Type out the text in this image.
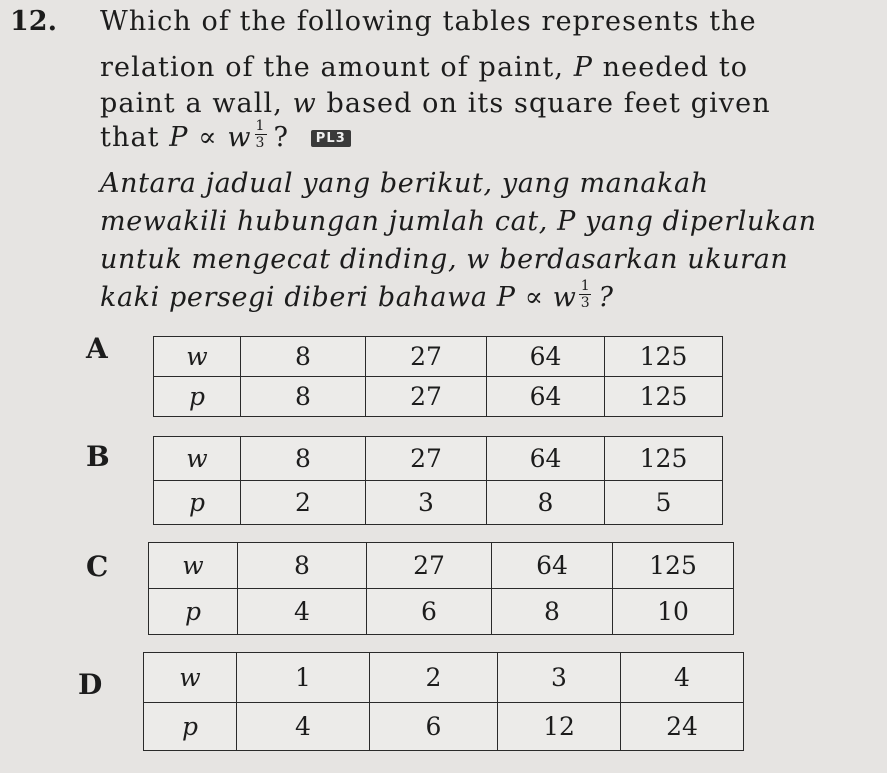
12. Which of the following tables represents the
relation of the amount of paint, P needed to
paint a wall, w based on its square feet given
that P ∝ w $\frac{1}{3}$ ? PL3
Antara jadual yang berikut, yang manakah
mewakili hubungan jumlah cat, P yang diperlukan
untuk mengecat dinding, w berdasarkan ukuran
kaki persegi diberi bahawa P ∝ w $\frac{1}{3}$ ?
A	w	8	27	64	125
p	8	27	64	125
B	w	8	27	64	125
p	2	3	8	5
C	w	8	27	64	125
p	4	6	8	10
D	w	1	2	3	4
p	4	6	12	24
